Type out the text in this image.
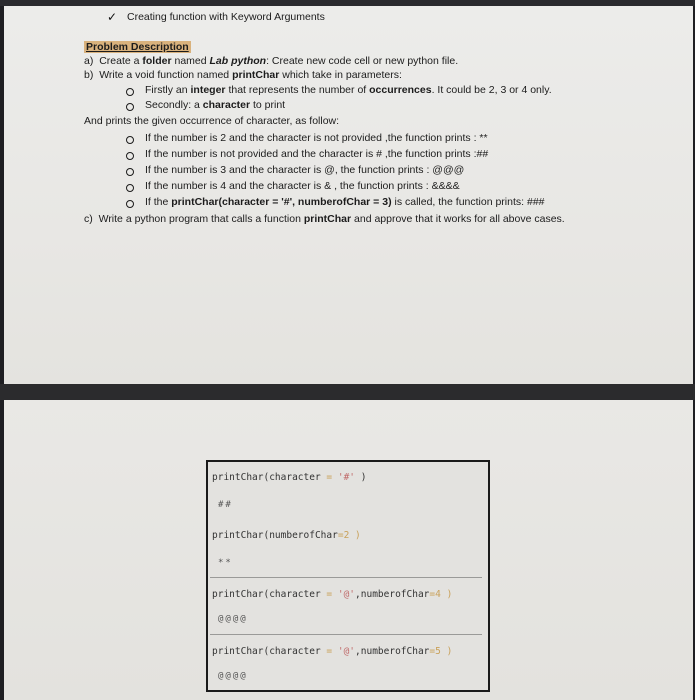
✓ Creating function with Keyword Arguments
Problem Description
a) Create a folder named Lab python: Create new code cell or new python file.
b) Write a void function named printChar which take in parameters:
Firstly an integer that represents the number of occurrences. It could be 2, 3 or 4 only.
Secondly: a character to print
And prints the given occurrence of character, as follow:
If the number is 2 and the character is not provided ,the function prints : **
If the number is not provided and the character is # ,the function prints :##
If the number is 3 and the character is @, the function prints : @@@
If the number is 4 and the character is & , the function prints : &&&&
If the printChar(character = '#', numberofChar = 3) is called, the function prints: ###
c) Write a python program that calls a function printChar and approve that it works for all above cases.
printChar(character = '#' )
##
printChar(numberofChar=2 )
**
printChar(character = '@',numberofChar=4 )
@@@@
printChar(character = '@',numberofChar=5 )
@@@@
